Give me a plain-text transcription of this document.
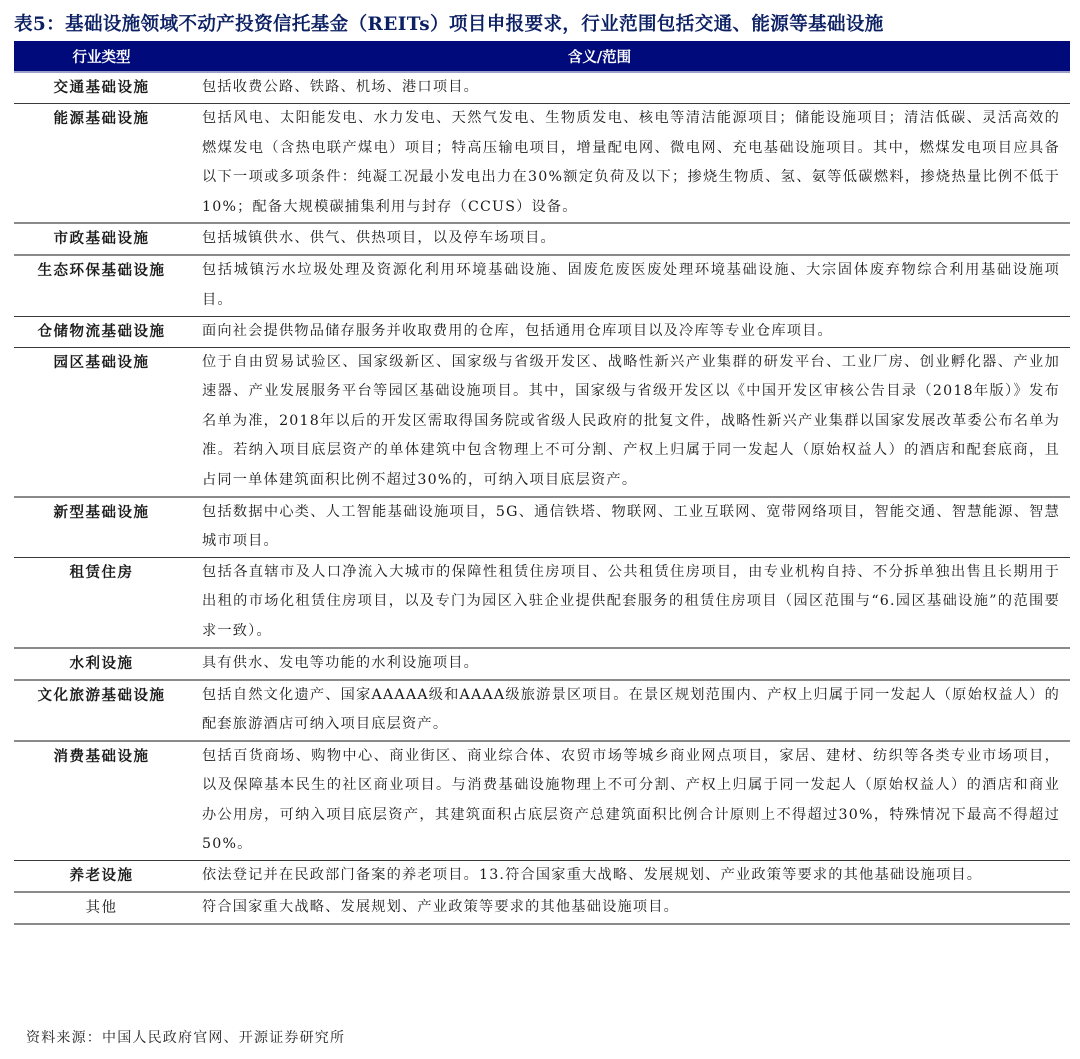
表5：基础设施领域不动产投资信托基金（REITs）项目申报要求，行业范围包括交通、能源等基础设施
行业类型	含义/范围
交通基础设施	包括收费公路、铁路、机场、港口项目。
能源基础设施	包括风电、太阳能发电、水力发电、天然气发电、生物质发电、核电等清洁能源项目；储能设施项目；清洁低碳、灵活高效的燃煤发电（含热电联产煤电）项目；特高压输电项目，增量配电网、微电网、充电基础设施项目。其中，燃煤发电项目应具备以下一项或多项条件：纯凝工况最小发电出力在30%额定负荷及以下；掺烧生物质、氢、氨等低碳燃料，掺烧热量比例不低于10%；配备大规模碳捕集利用与封存（CCUS）设备。
市政基础设施	包括城镇供水、供气、供热项目，以及停车场项目。
生态环保基础设施	包括城镇污水垃圾处理及资源化利用环境基础设施、固废危废医废处理环境基础设施、大宗固体废弃物综合利用基础设施项目。
仓储物流基础设施	面向社会提供物品储存服务并收取费用的仓库，包括通用仓库项目以及冷库等专业仓库项目。
园区基础设施	位于自由贸易试验区、国家级新区、国家级与省级开发区、战略性新兴产业集群的研发平台、工业厂房、创业孵化器、产业加速器、产业发展服务平台等园区基础设施项目。其中，国家级与省级开发区以《中国开发区审核公告目录（2018年版）》发布名单为准，2018年以后的开发区需取得国务院或省级人民政府的批复文件，战略性新兴产业集群以国家发展改革委公布名单为准。若纳入项目底层资产的单体建筑中包含物理上不可分割、产权上归属于同一发起人（原始权益人）的酒店和配套底商，且占同一单体建筑面积比例不超过30%的，可纳入项目底层资产。
新型基础设施	包括数据中心类、人工智能基础设施项目，5G、通信铁塔、物联网、工业互联网、宽带网络项目，智能交通、智慧能源、智慧城市项目。
租赁住房	包括各直辖市及人口净流入大城市的保障性租赁住房项目、公共租赁住房项目，由专业机构自持、不分拆单独出售且长期用于出租的市场化租赁住房项目，以及专门为园区入驻企业提供配套服务的租赁住房项目（园区范围与“6.园区基础设施”的范围要求一致）。
水利设施	具有供水、发电等功能的水利设施项目。
文化旅游基础设施	包括自然文化遗产、国家AAAAA级和AAAA级旅游景区项目。在景区规划范围内、产权上归属于同一发起人（原始权益人）的配套旅游酒店可纳入项目底层资产。
消费基础设施	包括百货商场、购物中心、商业街区、商业综合体、农贸市场等城乡商业网点项目，家居、建材、纺织等各类专业市场项目，以及保障基本民生的社区商业项目。与消费基础设施物理上不可分割、产权上归属于同一发起人（原始权益人）的酒店和商业办公用房，可纳入项目底层资产，其建筑面积占底层资产总建筑面积比例合计原则上不得超过30%，特殊情况下最高不得超过50%。
养老设施	依法登记并在民政部门备案的养老项目。13.符合国家重大战略、发展规划、产业政策等要求的其他基础设施项目。
其他	符合国家重大战略、发展规划、产业政策等要求的其他基础设施项目。
资料来源：中国人民政府官网、开源证券研究所
